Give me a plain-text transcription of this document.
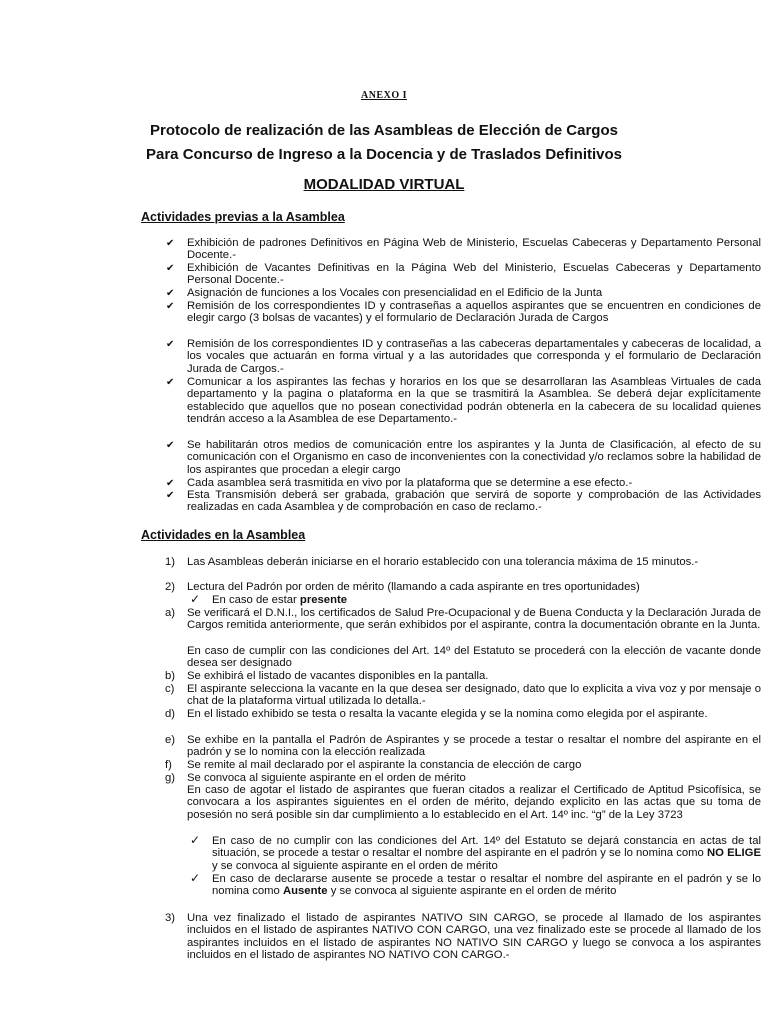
ANEXO I
Protocolo de realización de las Asambleas de Elección de Cargos
Para Concurso de Ingreso a la Docencia y de Traslados Definitivos
MODALIDAD VIRTUAL
Actividades previas a la Asamblea
✔ Exhibición de padrones Definitivos en Página Web de Ministerio, Escuelas Cabeceras y Departamento Personal Docente.-

✔ Exhibición de Vacantes Definitivas en la Página Web del Ministerio, Escuelas Cabeceras y Departamento Personal Docente.-

✔ Asignación de funciones a los Vocales con presencialidad en el Edificio de la Junta

✔ Remisión de los correspondientes ID y contraseñas a aquellos aspirantes que se encuentren en condiciones de elegir cargo (3 bolsas de vacantes) y el formulario de Declaración Jurada de Cargos

✔ Remisión de los correspondientes ID y contraseñas a las cabeceras departamentales y cabeceras de localidad, a los vocales que actuarán en forma virtual y a las autoridades que corresponda y el formulario de Declaración Jurada de Cargos.-

✔ Comunicar a los aspirantes las fechas y horarios en los que se desarrollaran las Asambleas Virtuales de cada departamento y la pagina o plataforma en la que se trasmitirá la Asamblea. Se deberá dejar explícitamente establecido que aquellos que no posean conectividad podrán obtenerla en la cabecera de su localidad quienes tendrán acceso a la Asamblea de ese Departamento.-

✔ Se habilitarán otros medios de comunicación entre los aspirantes y la Junta de Clasificación, al efecto de su comunicación con el Organismo en caso de inconvenientes con la conectividad y/o reclamos sobre la habilidad de los aspirantes que procedan a elegir cargo

✔ Cada asamblea será trasmitida en vivo por la plataforma que se determine a ese efecto.-

✔ Esta Transmisión deberá ser grabada, grabación que servirá de soporte y comprobación de las Actividades realizadas en cada Asamblea y de comprobación en caso de reclamo.-

Actividades en la Asamblea
1) Las Asambleas deberán iniciarse en el horario establecido con una tolerancia máxima de 15 minutos.-

2) Lectura del Padrón por orden de mérito (llamando a cada aspirante en tres oportunidades)

✓ En caso de estar presente

a) Se verificará el D.N.I., los certificados de Salud Pre-Ocupacional y de Buena Conducta y la Declaración Jurada de Cargos remitida anteriormente, que serán exhibidos por el aspirante, contra la documentación obrante en la Junta.

En caso de cumplir con las condiciones del Art. 14º del Estatuto se procederá con la elección de vacante donde desea ser designado

b) Se exhibirá el listado de vacantes disponibles en la pantalla.

c) El aspirante selecciona la vacante en la que desea ser designado, dato que lo explicita a viva voz y por mensaje o chat de la plataforma virtual utilizada lo detalla.-

d) En el listado exhibido se testa o resalta la vacante elegida y se la nomina como elegida por el aspirante.

e) Se exhibe en la pantalla el Padrón de Aspirantes y se procede a testar o resaltar el nombre del aspirante en el padrón y se lo nomina con la elección realizada

f) Se remite al mail declarado por el aspirante la constancia de elección de cargo

g) Se convoca al siguiente aspirante en el orden de mérito

En caso de agotar el listado de aspirantes que fueran citados a realizar el Certificado de Aptitud Psicofísica, se convocara a los aspirantes siguientes en el orden de mérito, dejando explicito en las actas que su toma de posesión no será posible sin dar cumplimiento a lo establecido en el Art. 14º inc. “g” de la Ley 3723

✓ En caso de no cumplir con las condiciones del Art. 14º del Estatuto se dejará constancia en actas de tal situación, se procede a testar o resaltar el nombre del aspirante en el padrón y se lo nomina como NO ELIGE y se convoca al siguiente aspirante en el orden de mérito

✓ En caso de declararse ausente se procede a testar o resaltar el nombre del aspirante en el padrón y se lo nomina como Ausente y se convoca al siguiente aspirante en el orden de mérito

3) Una vez finalizado el listado de aspirantes NATIVO SIN CARGO, se procede al llamado de los aspirantes incluidos en el listado de aspirantes NATIVO CON CARGO, una vez finalizado este se procede al llamado de los aspirantes incluidos en el listado de aspirantes NO NATIVO SIN CARGO y luego se convoca a los aspirantes incluidos en el listado de aspirantes NO NATIVO CON CARGO.-
